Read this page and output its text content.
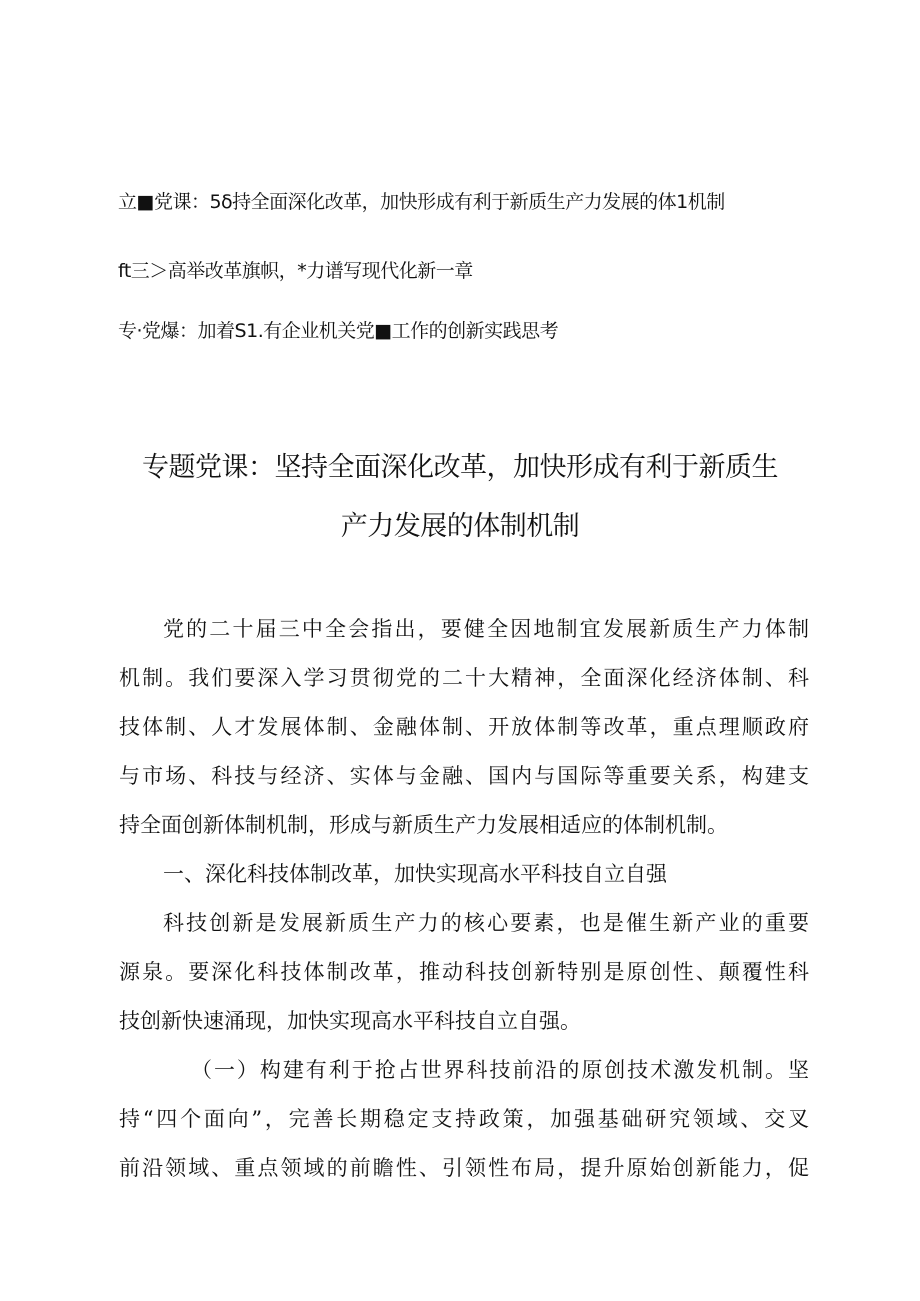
立■党课：5δ持全面深化改革，加快形成有利于新质生产力发展的体1机制
ft三＞高举改革旗帜，*力谱写现代化新一章
专·党爆：加着S1.有企业机关党■工作的创新实践思考
专题党课：坚持全面深化改革，加快形成有利于新质生
产力发展的体制机制
党的二十届三中全会指出，要健全因地制宜发展新质生产力体制
机制。我们要深入学习贯彻党的二十大精神，全面深化经济体制、科
技体制、人才发展体制、金融体制、开放体制等改革，重点理顺政府
与市场、科技与经济、实体与金融、国内与国际等重要关系，构建支
持全面创新体制机制，形成与新质生产力发展相适应的体制机制。
一、深化科技体制改革，加快实现高水平科技自立自强
科技创新是发展新质生产力的核心要素，也是催生新产业的重要
源泉。要深化科技体制改革，推动科技创新特别是原创性、颠覆性科
技创新快速涌现，加快实现高水平科技自立自强。
（一）构建有利于抢占世界科技前沿的原创技术激发机制。坚
持“四个面向”，完善长期稳定支持政策，加强基础研究领域、交叉
前沿领域、重点领域的前瞻性、引领性布局，提升原始创新能力，促
